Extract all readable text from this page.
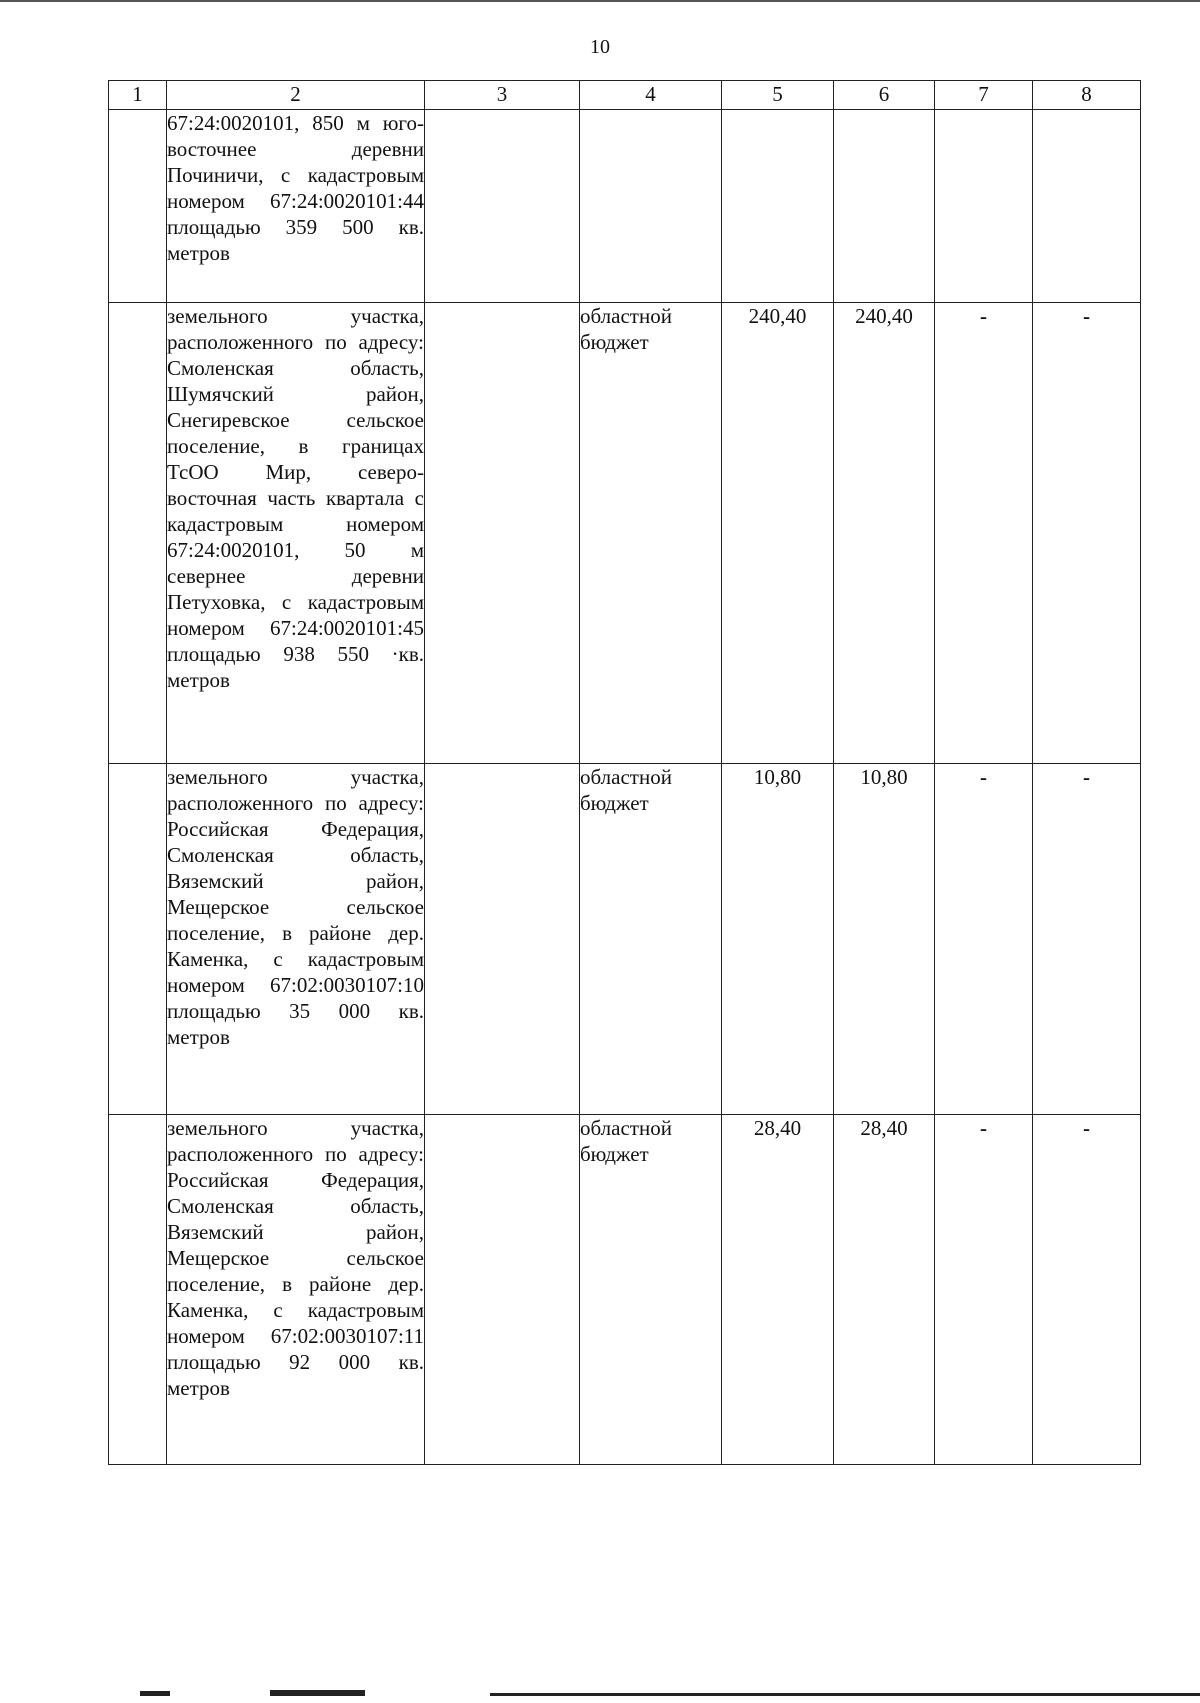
10
1	2	3	4	5	6	7	8
	67:24:0020101, 850 м юго-восточнее деревни Починичи, с кадастровым номером 67:24:0020101:44 площадью 359 500 кв. метров						
	земельного участка, расположенного по адресу: Смоленская область, Шумячский район, Снегиревское сельское поселение, в границах ТсОО Мир, северо-восточная часть квартала с кадастровым номером 67:24:0020101, 50 м севернее деревни Петуховка, с кадастровым номером 67:24:0020101:45 площадью 938 550 ·кв. метров		областной бюджет	240,40	240,40	-	-
	земельного участка, расположенного по адресу: Российская Федерация, Смоленская область, Вяземский район, Мещерское сельское поселение, в районе дер. Каменка, с кадастровым номером 67:02:0030107:10 площадью 35 000 кв. метров		областной бюджет	10,80	10,80	-	-
	земельного участка, расположенного по адресу: Российская Федерация, Смоленская область, Вяземский район, Мещерское сельское поселение, в районе дер. Каменка, с кадастровым номером 67:02:0030107:11 площадью 92 000 кв. метров		областной бюджет	28,40	28,40	-	-
